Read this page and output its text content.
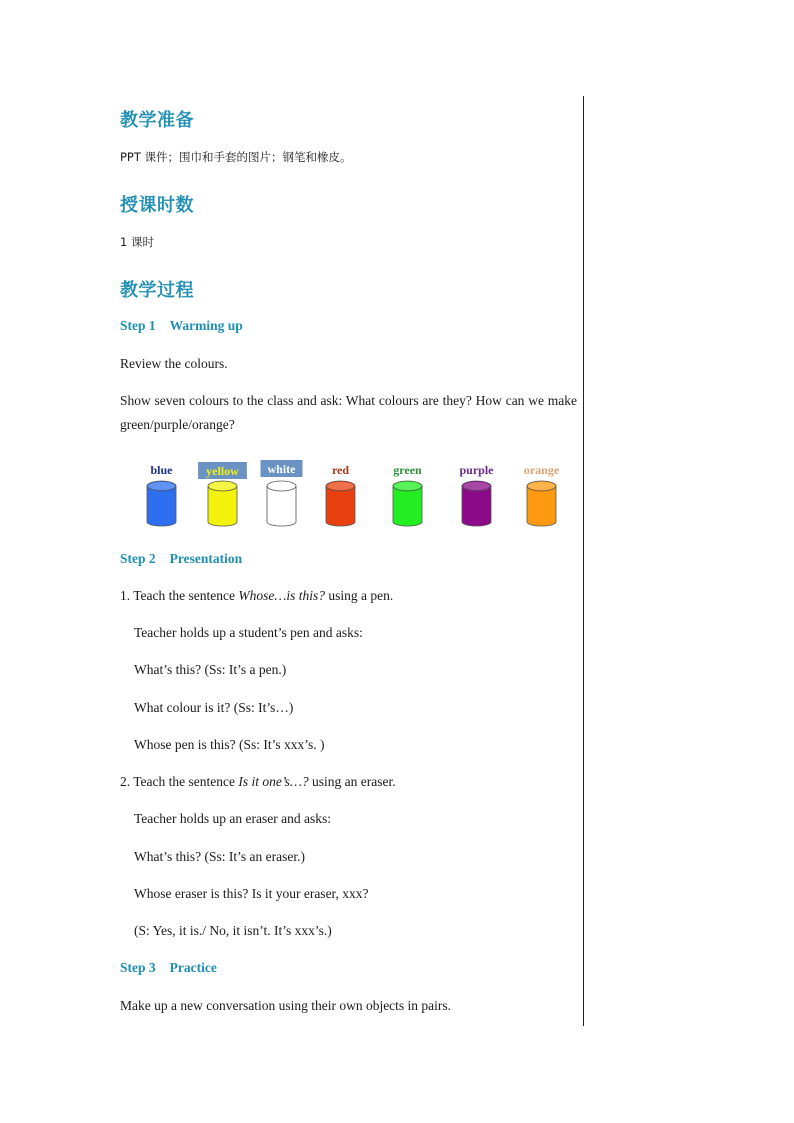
教学准备
PPT 课件；围巾和手套的图片；钢笔和橡皮。
授课时数
1 课时
教学过程
Step 1 Warming up
Review the colours.
Show seven colours to the class and ask: What colours are they? How can we make green/purple/orange?
blue	yellow white	red	green	purple	orange
Step 2 Presentation
1. Teach the sentence Whose…is this? using a pen.
Teacher holds up a student’s pen and asks:
What’s this? (Ss: It’s a pen.)
What colour is it? (Ss: It’s…)
Whose pen is this? (Ss: It’s xxx’s. )
2. Teach the sentence Is it one’s…? using an eraser.
Teacher holds up an eraser and asks:
What’s this? (Ss: It’s an eraser.)
Whose eraser is this? Is it your eraser, xxx?
(S: Yes, it is./ No, it isn’t. It’s xxx’s.)
Step 3 Practice
Make up a new conversation using their own objects in pairs.
